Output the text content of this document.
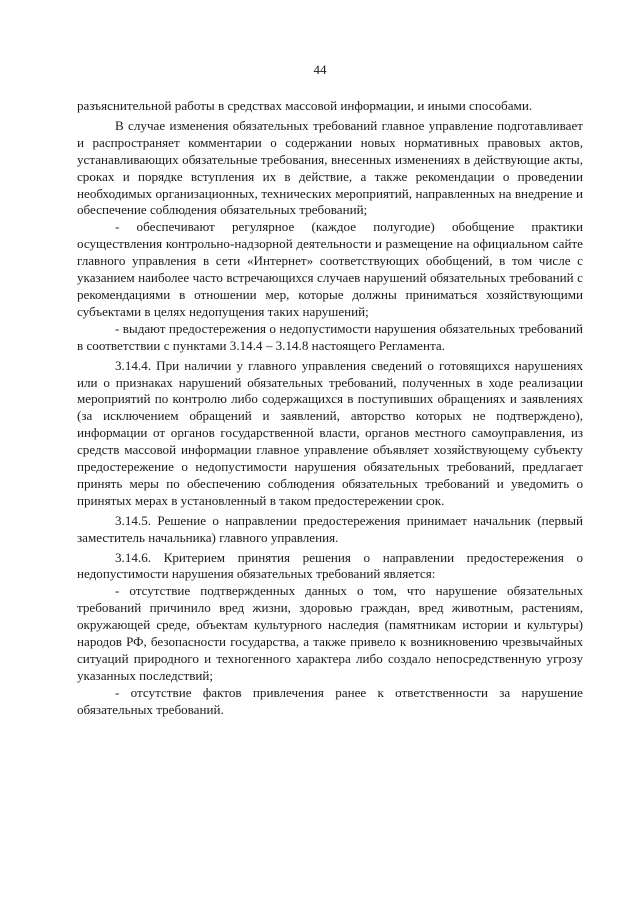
44

разъяснительной работы в средствах массовой информации, и иными способами.

В случае изменения обязательных требований главное управление подготавливает и распространяет комментарии о содержании новых нормативных правовых актов, устанавливающих обязательные требования, внесенных изменениях в действующие акты, сроках и порядке вступления их в действие, а также рекомендации о проведении необходимых организационных, технических мероприятий, направленных на внедрение и обеспечение соблюдения обязательных требований;

- обеспечивают регулярное (каждое полугодие) обобщение практики осуществления контрольно-надзорной деятельности и размещение на официальном сайте главного управления в сети «Интернет» соответствующих обобщений, в том числе с указанием наиболее часто встречающихся случаев нарушений обязательных требований с рекомендациями в отношении мер, которые должны приниматься хозяйствующими субъектами в целях недопущения таких нарушений;

- выдают предостережения о недопустимости нарушения обязательных требований в соответствии с пунктами 3.14.4 – 3.14.8 настоящего Регламента.

3.14.4. При наличии у главного управления сведений о готовящихся нарушениях или о признаках нарушений обязательных требований, полученных в ходе реализации мероприятий по контролю либо содержащихся в поступивших обращениях и заявлениях (за исключением обращений и заявлений, авторство которых не подтверждено), информации от органов государственной власти, органов местного самоуправления, из средств массовой информации главное управление объявляет хозяйствующему субъекту предостережение о недопустимости нарушения обязательных требований, предлагает принять меры по обеспечению соблюдения обязательных требований и уведомить о принятых мерах в установленный в таком предостережении срок.

3.14.5. Решение о направлении предостережения принимает начальник (первый заместитель начальника) главного управления.

3.14.6. Критерием принятия решения о направлении предостережения о недопустимости нарушения обязательных требований является:

- отсутствие подтвержденных данных о том, что нарушение обязательных требований причинило вред жизни, здоровью граждан, вред животным, растениям, окружающей среде, объектам культурного наследия (памятникам истории и культуры) народов РФ, безопасности государства, а также привело к возникновению чрезвычайных ситуаций природного и техногенного характера либо создало непосредственную угрозу указанных последствий;

- отсутствие фактов привлечения ранее к ответственности за нарушение обязательных требований.
